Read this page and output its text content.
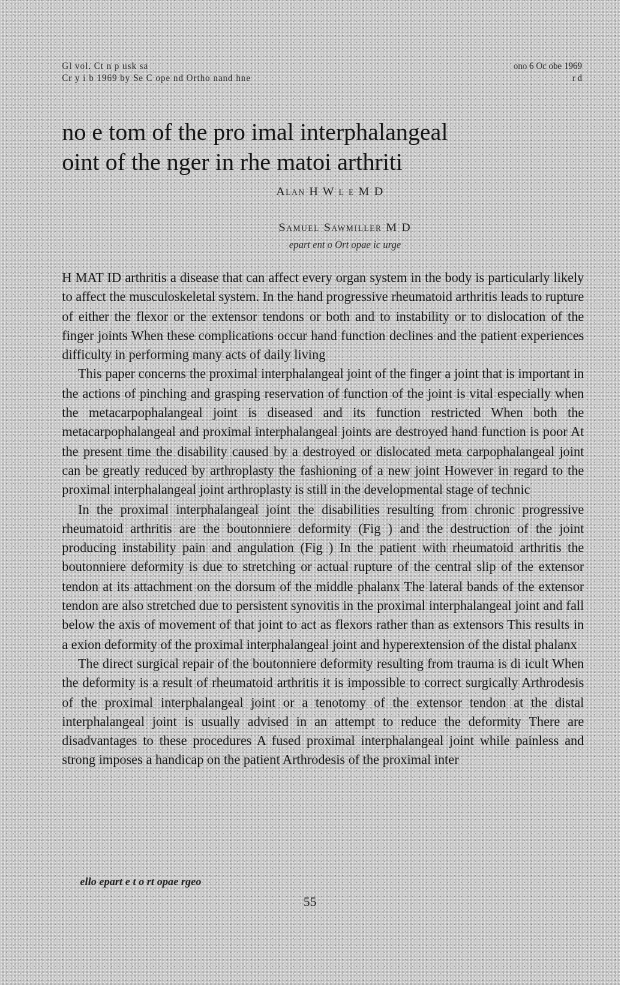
Gl vol. Ct n p usk sa
Cr y i b 1969 by Se C ope nd Ortho nand hne
ono 6 Oc obe 1969
r d
no e tom of the pro imal interphalangeal
oint of the nger in rhe matoi arthriti
Alan H W l e M D
Samuel Sawmiller M D
epart ent o Ort opae ic urge

H MAT ID arthritis a disease that can affect every organ system in the body is particularly likely to affect the musculoskeletal system. In the hand progressive rheumatoid arthritis leads to rupture of either the flexor or the extensor tendons or both and to instability or to dislocation of the finger joints When these complications occur hand function declines and the patient experiences difficulty in performing many acts of daily living

This paper concerns the proximal interphalangeal joint of the finger a joint that is important in the actions of pinching and grasping reservation of function of the joint is vital especially when the metacarpophalangeal joint is diseased and its function restricted When both the metacarpophalangeal and proximal interphalangeal joints are destroyed hand function is poor At the present time the disability caused by a destroyed or dislocated meta carpophalangeal joint can be greatly reduced by arthroplasty the fashioning of a new joint However in regard to the proximal interphalangeal joint arthroplasty is still in the developmental stage of technic

In the proximal interphalangeal joint the disabilities resulting from chronic progressive rheumatoid arthritis are the boutonniere deformity (Fig ) and the destruction of the joint producing instability pain and angulation (Fig ) In the patient with rheumatoid arthritis the boutonniere deformity is due to stretching or actual rupture of the central slip of the extensor tendon at its attachment on the dorsum of the middle phalanx The lateral bands of the extensor tendon are also stretched due to persistent synovitis in the proximal interphalangeal joint and fall below the axis of movement of that joint to act as flexors rather than as extensors This results in a exion deformity of the proximal interphalangeal joint and hyperextension of the distal phalanx

The direct surgical repair of the boutonniere deformity resulting from trauma is di icult When the deformity is a result of rheumatoid arthritis it is impossible to correct surgically Arthrodesis of the proximal interphalangeal joint or a tenotomy of the extensor tendon at the distal interphalangeal joint is usually advised in an attempt to reduce the deformity There are disadvantages to these procedures A fused proximal interphalangeal joint while painless and strong imposes a handicap on the patient Arthrodesis of the proximal inter

ello epart e t o rt opae rgeo
55
